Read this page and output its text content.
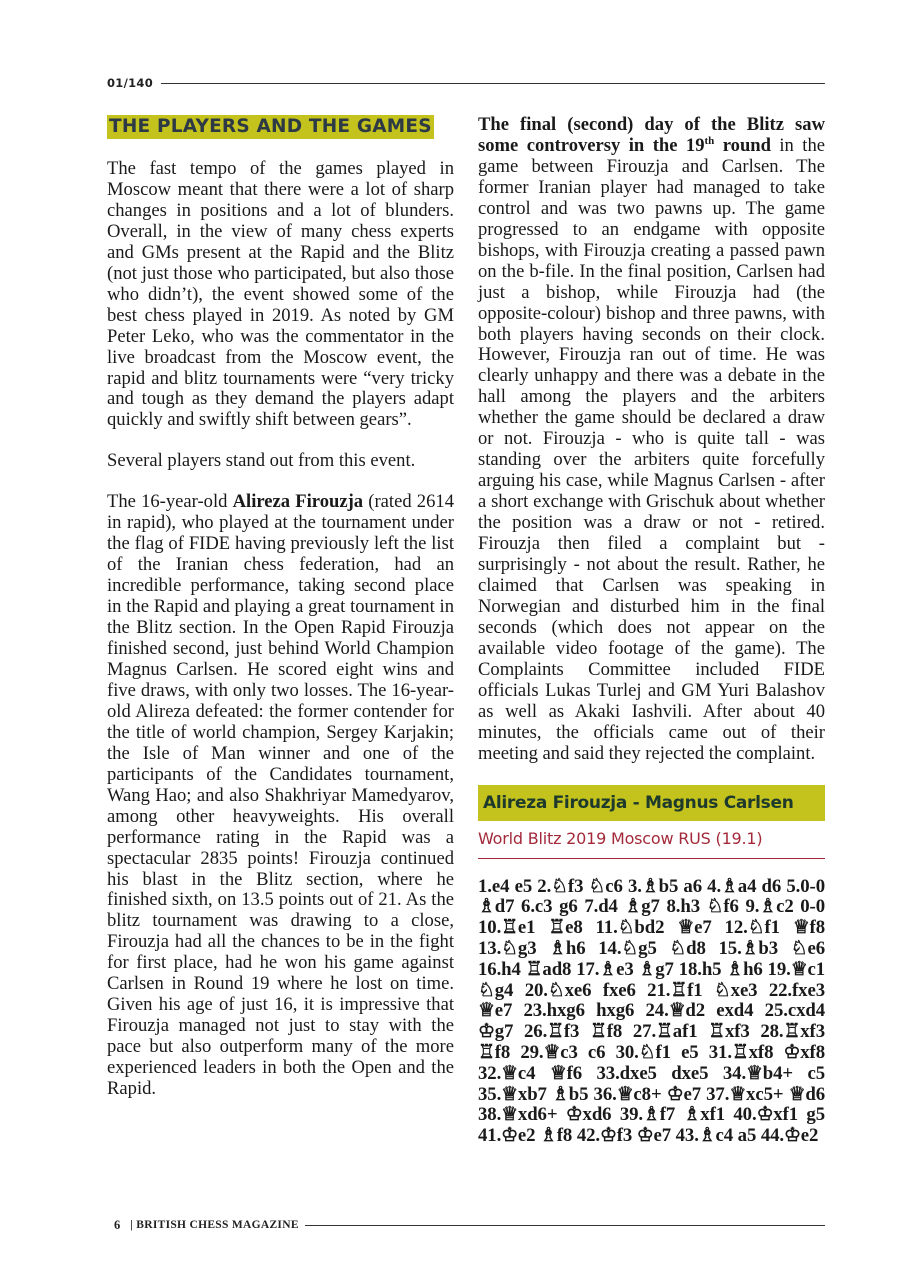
01/140
THE PLAYERS AND THE GAMES

The fast tempo of the games played in Moscow meant that there were a lot of sharp changes in positions and a lot of blunders. Overall, in the view of many chess experts and GMs present at the Rapid and the Blitz (not just those who participated, but also those who didn’t), the event showed some of the best chess played in 2019. As noted by GM Peter Leko, who was the commentator in the live broadcast from the Moscow event, the rapid and blitz tournaments were “very tricky and tough as they demand the players adapt quickly and swiftly shift between gears”.

Several players stand out from this event.

The 16-year-old Alireza Firouzja (rated 2614 in rapid), who played at the tournament under the flag of FIDE having previously left the list of the Iranian chess federation, had an incredible performance, taking second place in the Rapid and playing a great tournament in the Blitz section. In the Open Rapid Firouzja finished second, just behind World Champion Magnus Carlsen. He scored eight wins and five draws, with only two losses. The 16-year-old Alireza defeated: the former contender for the title of world champion, Sergey Karjakin; the Isle of Man winner and one of the participants of the Candidates tournament, Wang Hao; and also Shakhriyar Mamedyarov, among other heavyweights. His overall performance rating in the Rapid was a spectacular 2835 points! Firouzja continued his blast in the Blitz section, where he finished sixth, on 13.5 points out of 21. As the blitz tournament was drawing to a close, Firouzja had all the chances to be in the fight for first place, had he won his game against Carlsen in Round 19 where he lost on time. Given his age of just 16, it is impressive that Firouzja managed not just to stay with the pace but also outperform many of the more experienced leaders in both the Open and the Rapid.

The final (second) day of the Blitz saw some controversy in the 19th round in the game between Firouzja and Carlsen. The former Iranian player had managed to take control and was two pawns up. The game progressed to an endgame with opposite bishops, with Firouzja creating a passed pawn on the b-file. In the final position, Carlsen had just a bishop, while Firouzja had (the opposite-colour) bishop and three pawns, with both players having seconds on their clock. However, Firouzja ran out of time. He was clearly unhappy and there was a debate in the hall among the players and the arbiters whether the game should be declared a draw or not. Firouzja - who is quite tall - was standing over the arbiters quite forcefully arguing his case, while Magnus Carlsen - after a short exchange with Grischuk about whether the position was a draw or not - retired. Firouzja then filed a complaint but - surprisingly - not about the result. Rather, he claimed that Carlsen was speaking in Norwegian and disturbed him in the final seconds (which does not appear on the available video footage of the game). The Complaints Committee included FIDE officials Lukas Turlej and GM Yuri Balashov as well as Akaki Iashvili. After about 40 minutes, the officials came out of their meeting and said they rejected the complaint.

Alireza Firouzja - Magnus Carlsen
World Blitz 2019 Moscow RUS (19.1)
1.e4 e5 2.♘f3 ♘c6 3.♗b5 a6 4.♗a4 d6 5.0-0 ♗d7 6.c3 g6 7.d4 ♗g7 8.h3 ♘f6 9.♗c2 0-0 10.♖e1 ♖e8 11.♘bd2 ♕e7 12.♘f1 ♕f8 13.♘g3 ♗h6 14.♘g5 ♘d8 15.♗b3 ♘e6 16.h4 ♖ad8 17.♗e3 ♗g7 18.h5 ♗h6 19.♕c1 ♘g4 20.♘xe6 fxe6 21.♖f1 ♘xe3 22.fxe3 ♕e7 23.hxg6 hxg6 24.♕d2 exd4 25.cxd4 ♔g7 26.♖f3 ♖f8 27.♖af1 ♖xf3 28.♖xf3 ♖f8 29.♕c3 c6 30.♘f1 e5 31.♖xf8 ♔xf8 32.♕c4 ♕f6 33.dxe5 dxe5 34.♕b4+ c5 35.♕xb7 ♗b5 36.♕c8+ ♔e7 37.♕xc5+ ♕d6 38.♕xd6+ ♔xd6 39.♗f7 ♗xf1 40.♔xf1 g5 41.♔e2 ♗f8 42.♔f3 ♔e7 43.♗c4 a5 44.♔e2
6 | BRITISH CHESS MAGAZINE
